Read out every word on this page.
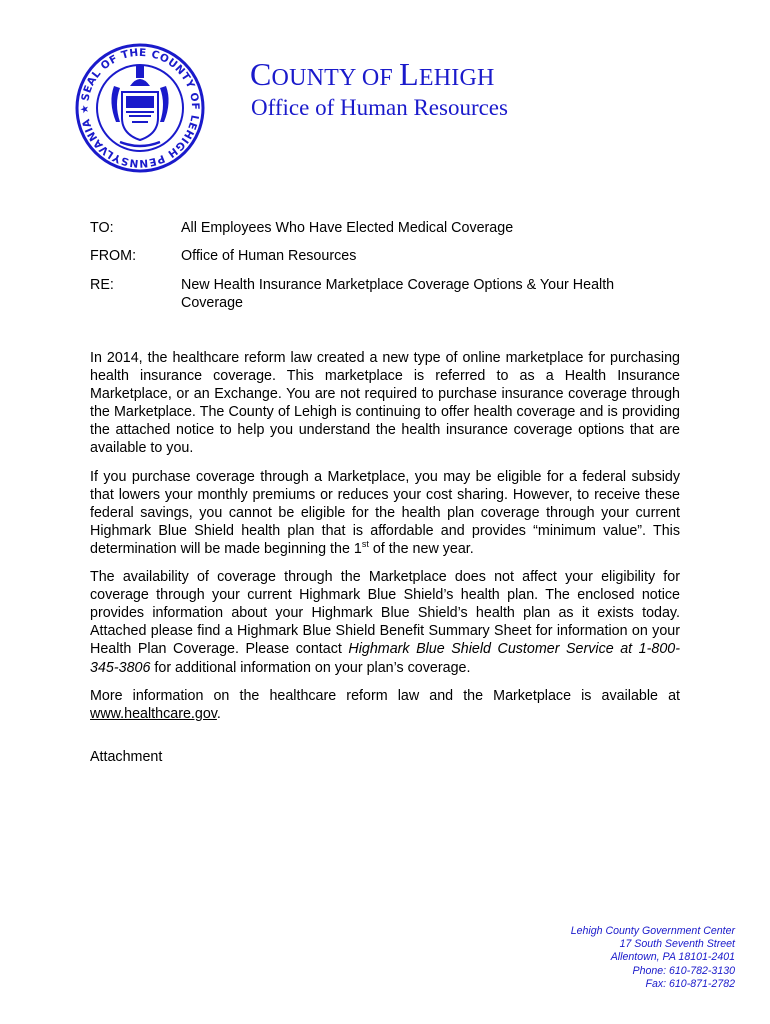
SEAL OF THE COUNTY OF LEHIGH PENNSYLVANIA ★
COUNTY OF LEHIGH
Office of Human Resources
TO:	All Employees Who Have Elected Medical Coverage
FROM:	Office of Human Resources
RE:	New Health Insurance Marketplace Coverage Options & Your Health Coverage

In 2014, the healthcare reform law created a new type of online marketplace for purchasing health insurance coverage. This marketplace is referred to as a Health Insurance Marketplace, or an Exchange. You are not required to purchase insurance coverage through the Marketplace. The County of Lehigh is continuing to offer health coverage and is providing the attached notice to help you understand the health insurance coverage options that are available to you.

If you purchase coverage through a Marketplace, you may be eligible for a federal subsidy that lowers your monthly premiums or reduces your cost sharing. However, to receive these federal savings, you cannot be eligible for the health plan coverage through your current Highmark Blue Shield health plan that is affordable and provides “minimum value”. This determination will be made beginning the 1st of the new year.

The availability of coverage through the Marketplace does not affect your eligibility for coverage through your current Highmark Blue Shield’s health plan. The enclosed notice provides information about your Highmark Blue Shield’s health plan as it exists today. Attached please find a Highmark Blue Shield Benefit Summary Sheet for information on your Health Plan Coverage. Please contact Highmark Blue Shield Customer Service at 1-800-345-3806 for additional information on your plan’s coverage.

More information on the healthcare reform law and the Marketplace is available at www.healthcare.gov.

Attachment
Lehigh County Government Center
17 South Seventh Street
Allentown, PA 18101-2401
Phone: 610-782-3130
Fax: 610-871-2782
